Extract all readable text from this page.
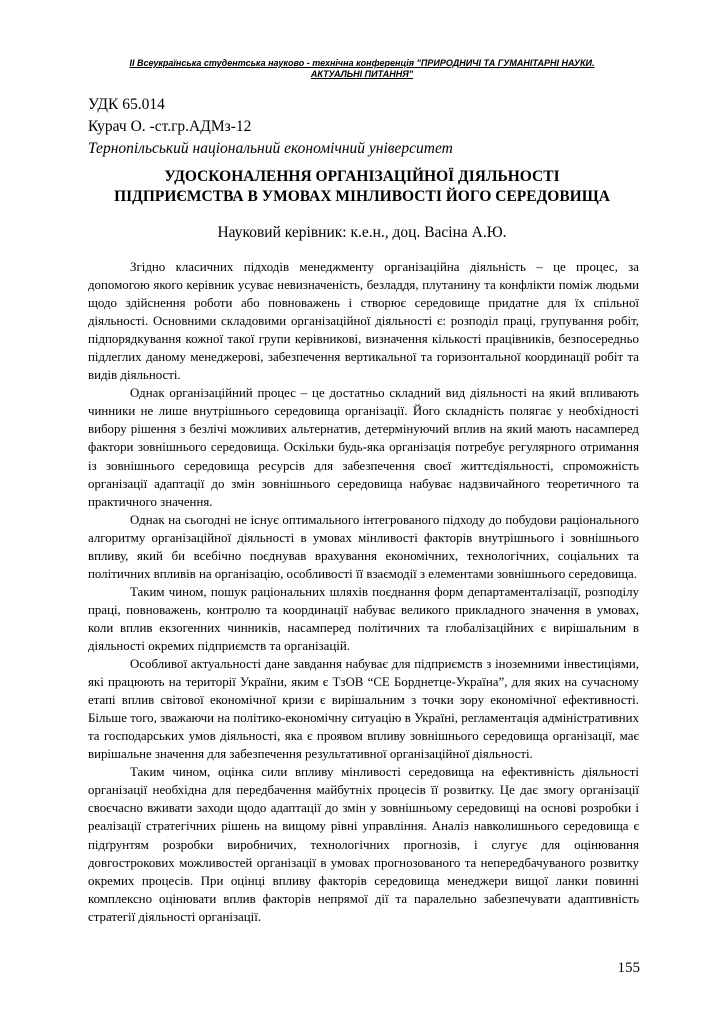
ІІ Всеукраїнська студентська науково - технічна конференція "ПРИРОДНИЧІ ТА ГУМАНІТАРНІ НАУКИ.
АКТУАЛЬНІ ПИТАННЯ"
УДК 65.014
Курач О. -ст.гр.АДМз-12
Тернопільський національний економічний університет
УДОСКОНАЛЕННЯ ОРГАНІЗАЦІЙНОЇ ДІЯЛЬНОСТІ
ПІДПРИЄМСТВА В УМОВАХ МІНЛИВОСТІ ЙОГО СЕРЕДОВИЩА
Науковий керівник: к.е.н., доц. Васіна А.Ю.

Згідно класичних підходів менеджменту організаційна діяльність – це процес, за допомогою якого керівник усуває невизначеність, безладдя, плутанину та конфлікти поміж людьми щодо здійснення роботи або повноважень і створює середовище придатне для їх спільної діяльності. Основними складовими організаційної діяльності є: розподіл праці, групування робіт, підпорядкування кожної такої групи керівникові, визначення кількості працівників, безпосередньо підлеглих даному менеджерові, забезпечення вертикальної та горизонтальної координації робіт та видів діяльності.

Однак організаційний процес – це достатньо складний вид діяльності на який впливають чинники не лише внутрішнього середовища організації. Його складність полягає у необхідності вибору рішення з безлічі можливих альтернатив, детермінуючий вплив на який мають насамперед фактори зовнішнього середовища. Оскільки будь-яка організація потребує регулярного отримання із зовнішнього середовища ресурсів для забезпечення своєї життєдіяльності, спроможність організації адаптації до змін зовнішнього середовища набуває надзвичайного теоретичного та практичного значення.

Однак на сьогодні не існує оптимального інтегрованого підходу до побудови раціонального алгоритму організаційної діяльності в умовах мінливості факторів внутрішнього і зовнішнього впливу, який би всебічно поєднував врахування економічних, технологічних, соціальних та політичних впливів на організацію, особливості її взаємодії з елементами зовнішнього середовища.

Таким чином, пошук раціональних шляхів поєднання форм департаменталізації, розподілу праці, повноважень, контролю та координації набуває великого прикладного значення в умовах, коли вплив екзогенних чинників, насамперед політичних та глобалізаційних є вирішальним в діяльності окремих підприємств та організацій.

Особливої актуальності дане завдання набуває для підприємств з іноземними інвестиціями, які працюють на території України, яким є ТзОВ “СЕ Борднетце-Україна”, для яких на сучасному етапі вплив світової економічної кризи є вирішальним з точки зору економічної ефективності. Більше того, зважаючи на політико-економічну ситуацію в Україні, регламентація адміністративних та господарських умов діяльності, яка є проявом впливу зовнішнього середовища організації, має вирішальне значення для забезпечення результативної організаційної діяльності.

Таким чином, оцінка сили впливу мінливості середовища на ефективність діяльності організації необхідна для передбачення майбутніх процесів її розвитку. Це дає змогу організації своєчасно вживати заходи щодо адаптації до змін у зовнішньому середовищі на основі розробки і реалізації стратегічних рішень на вищому рівні управління. Аналіз навколишнього середовища є підґрунтям розробки виробничих, технологічних прогнозів, і слугує для оцінювання довгострокових можливостей організації в умовах прогнозованого та непередбачуваного розвитку окремих процесів. При оцінці впливу факторів середовища менеджери вищої ланки повинні комплексно оцінювати вплив факторів непрямої дії та паралельно забезпечувати адаптивність стратегії діяльності організації.

155
